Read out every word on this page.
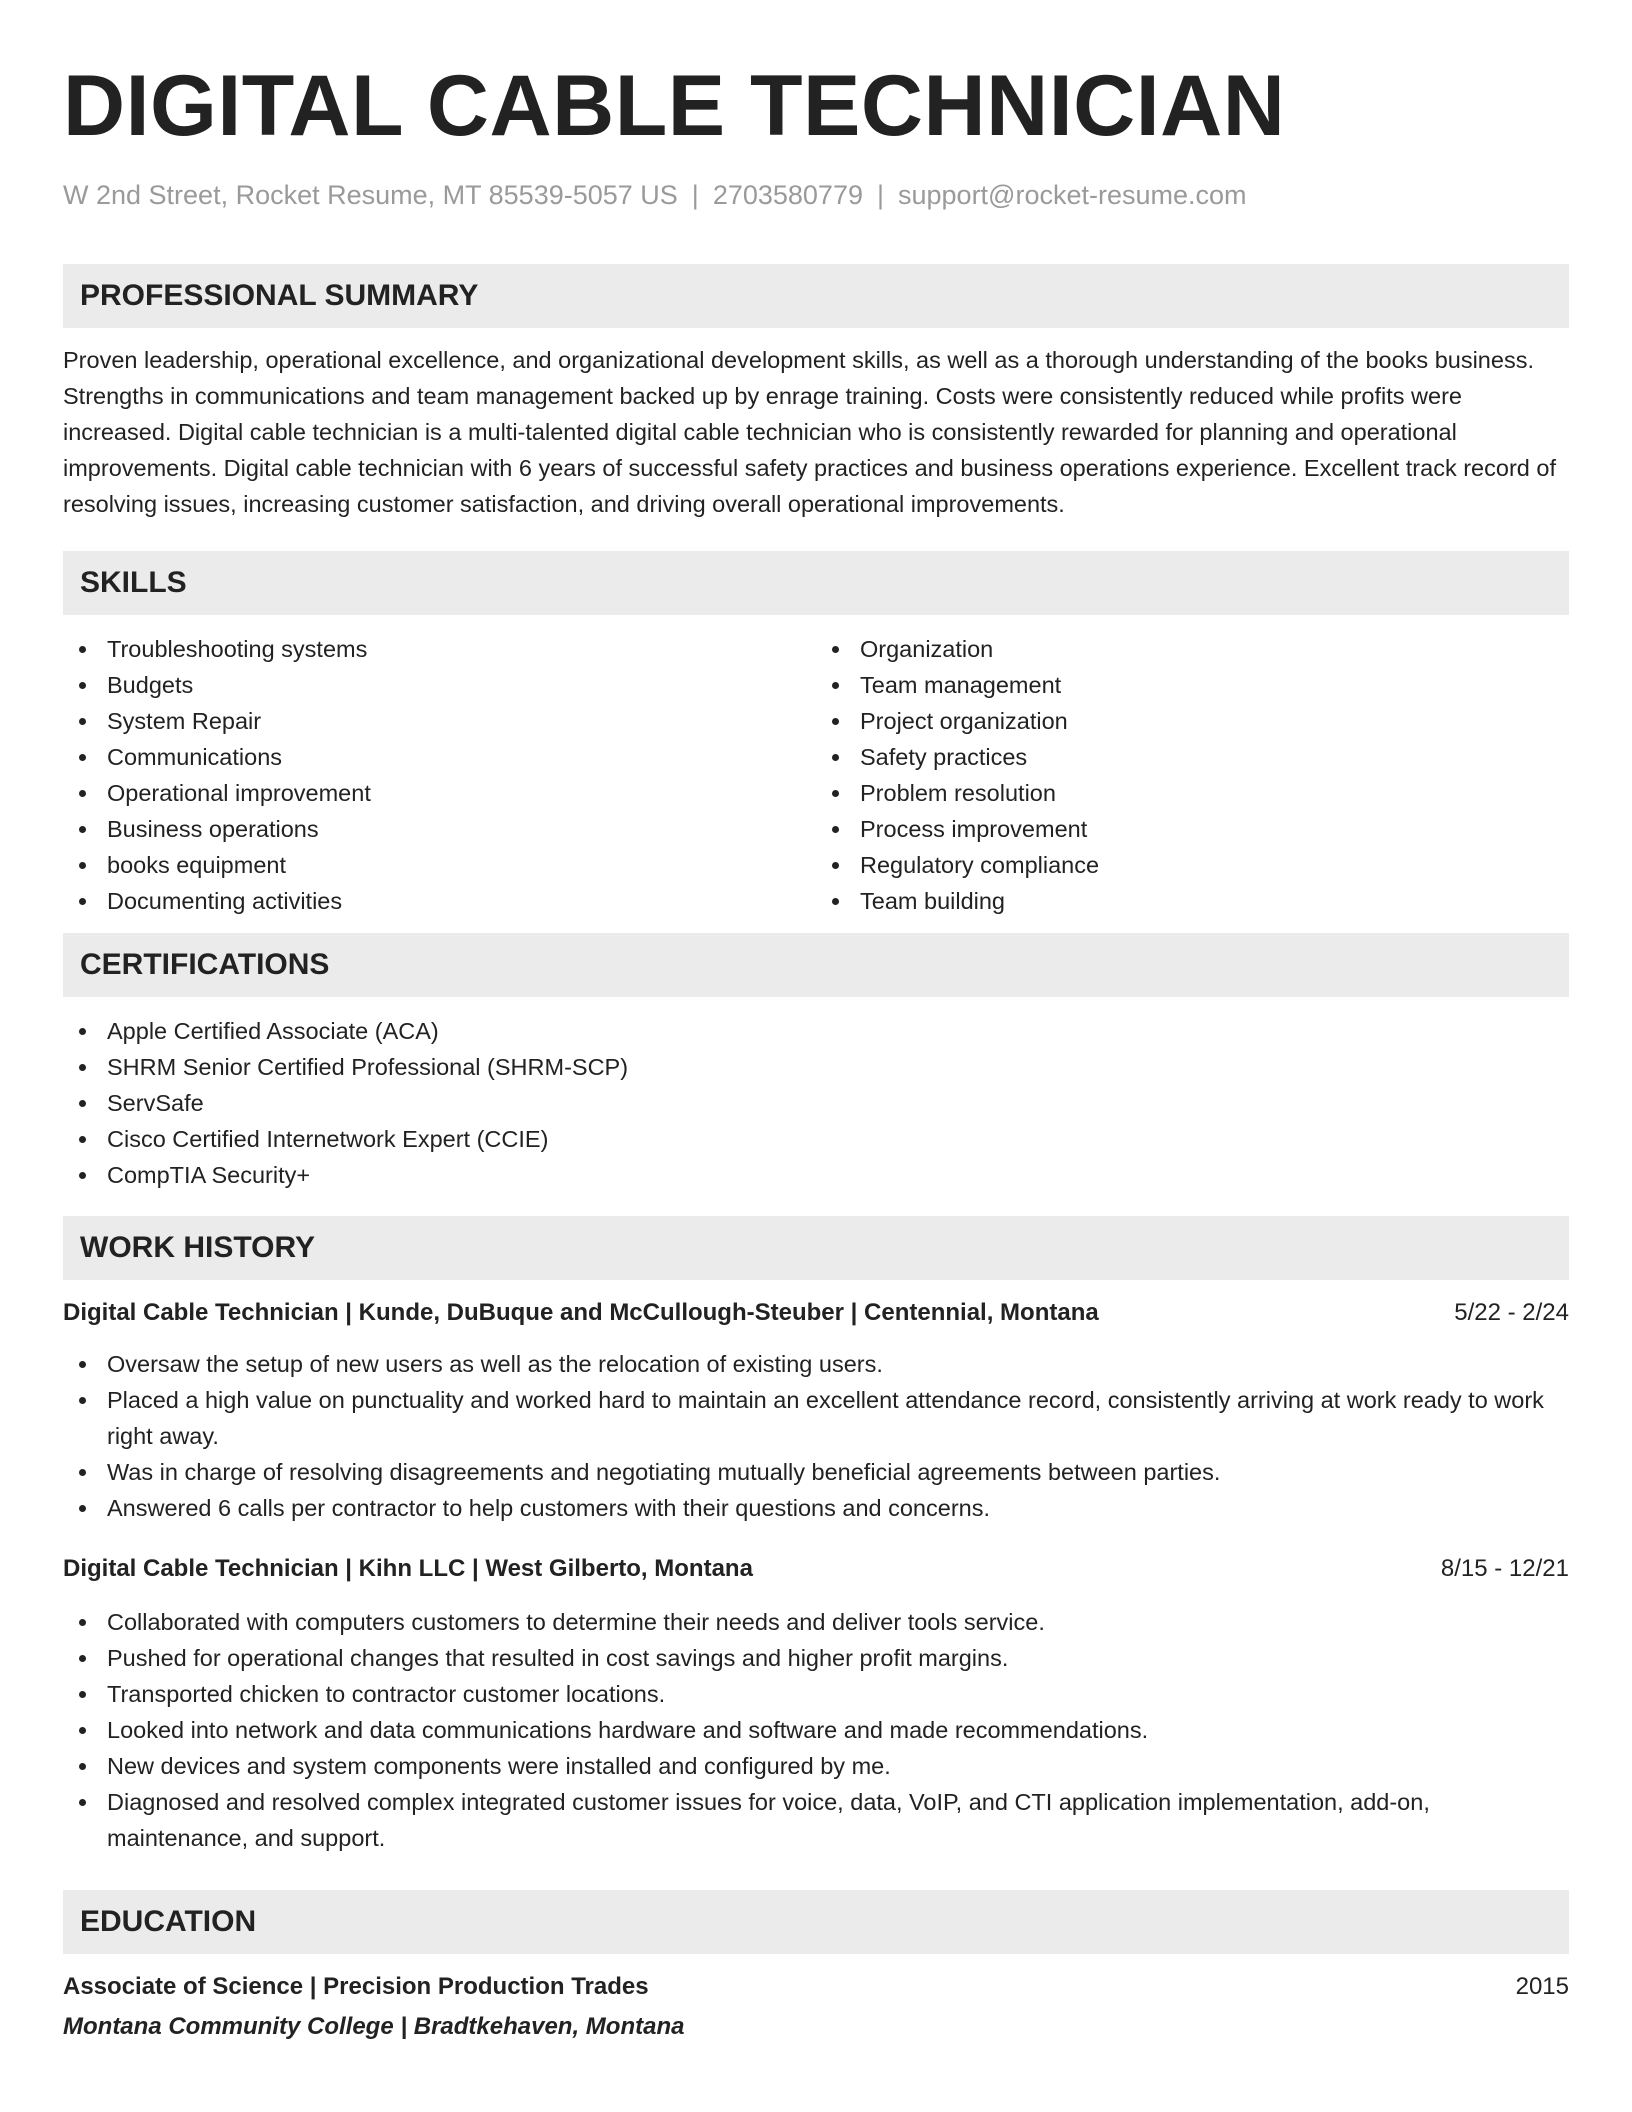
DIGITAL CABLE TECHNICIAN
W 2nd Street, Rocket Resume, MT 85539-5057 US | 2703580779 | support@rocket-resume.com
PROFESSIONAL SUMMARY

Proven leadership, operational excellence, and organizational development skills, as well as a thorough understanding of the books business. Strengths in communications and team management backed up by enrage training. Costs were consistently reduced while profits were increased. Digital cable technician is a multi-talented digital cable technician who is consistently rewarded for planning and operational improvements. Digital cable technician with 6 years of successful safety practices and business operations experience. Excellent track record of resolving issues, increasing customer satisfaction, and driving overall operational improvements.

SKILLS
Troubleshooting systems
Budgets
System Repair
Communications
Operational improvement
Business operations
books equipment
Documenting activities
Organization
Team management
Project organization
Safety practices
Problem resolution
Process improvement
Regulatory compliance
Team building
CERTIFICATIONS
Apple Certified Associate (ACA)
SHRM Senior Certified Professional (SHRM-SCP)
ServSafe
Cisco Certified Internetwork Expert (CCIE)
CompTIA Security+
WORK HISTORY
Digital Cable Technician | Kunde, DuBuque and McCullough-Steuber | Centennial, Montana	5/22 - 2/24
Oversaw the setup of new users as well as the relocation of existing users.
Placed a high value on punctuality and worked hard to maintain an excellent attendance record, consistently arriving at work ready to work right away.
Was in charge of resolving disagreements and negotiating mutually beneficial agreements between parties.
Answered 6 calls per contractor to help customers with their questions and concerns.
Digital Cable Technician | Kihn LLC | West Gilberto, Montana	8/15 - 12/21
Collaborated with computers customers to determine their needs and deliver tools service.
Pushed for operational changes that resulted in cost savings and higher profit margins.
Transported chicken to contractor customer locations.
Looked into network and data communications hardware and software and made recommendations.
New devices and system components were installed and configured by me.
Diagnosed and resolved complex integrated customer issues for voice, data, VoIP, and CTI application implementation, add-on, maintenance, and support.
EDUCATION
Associate of Science | Precision Production Trades	2015
Montana Community College | Bradtkehaven, Montana
